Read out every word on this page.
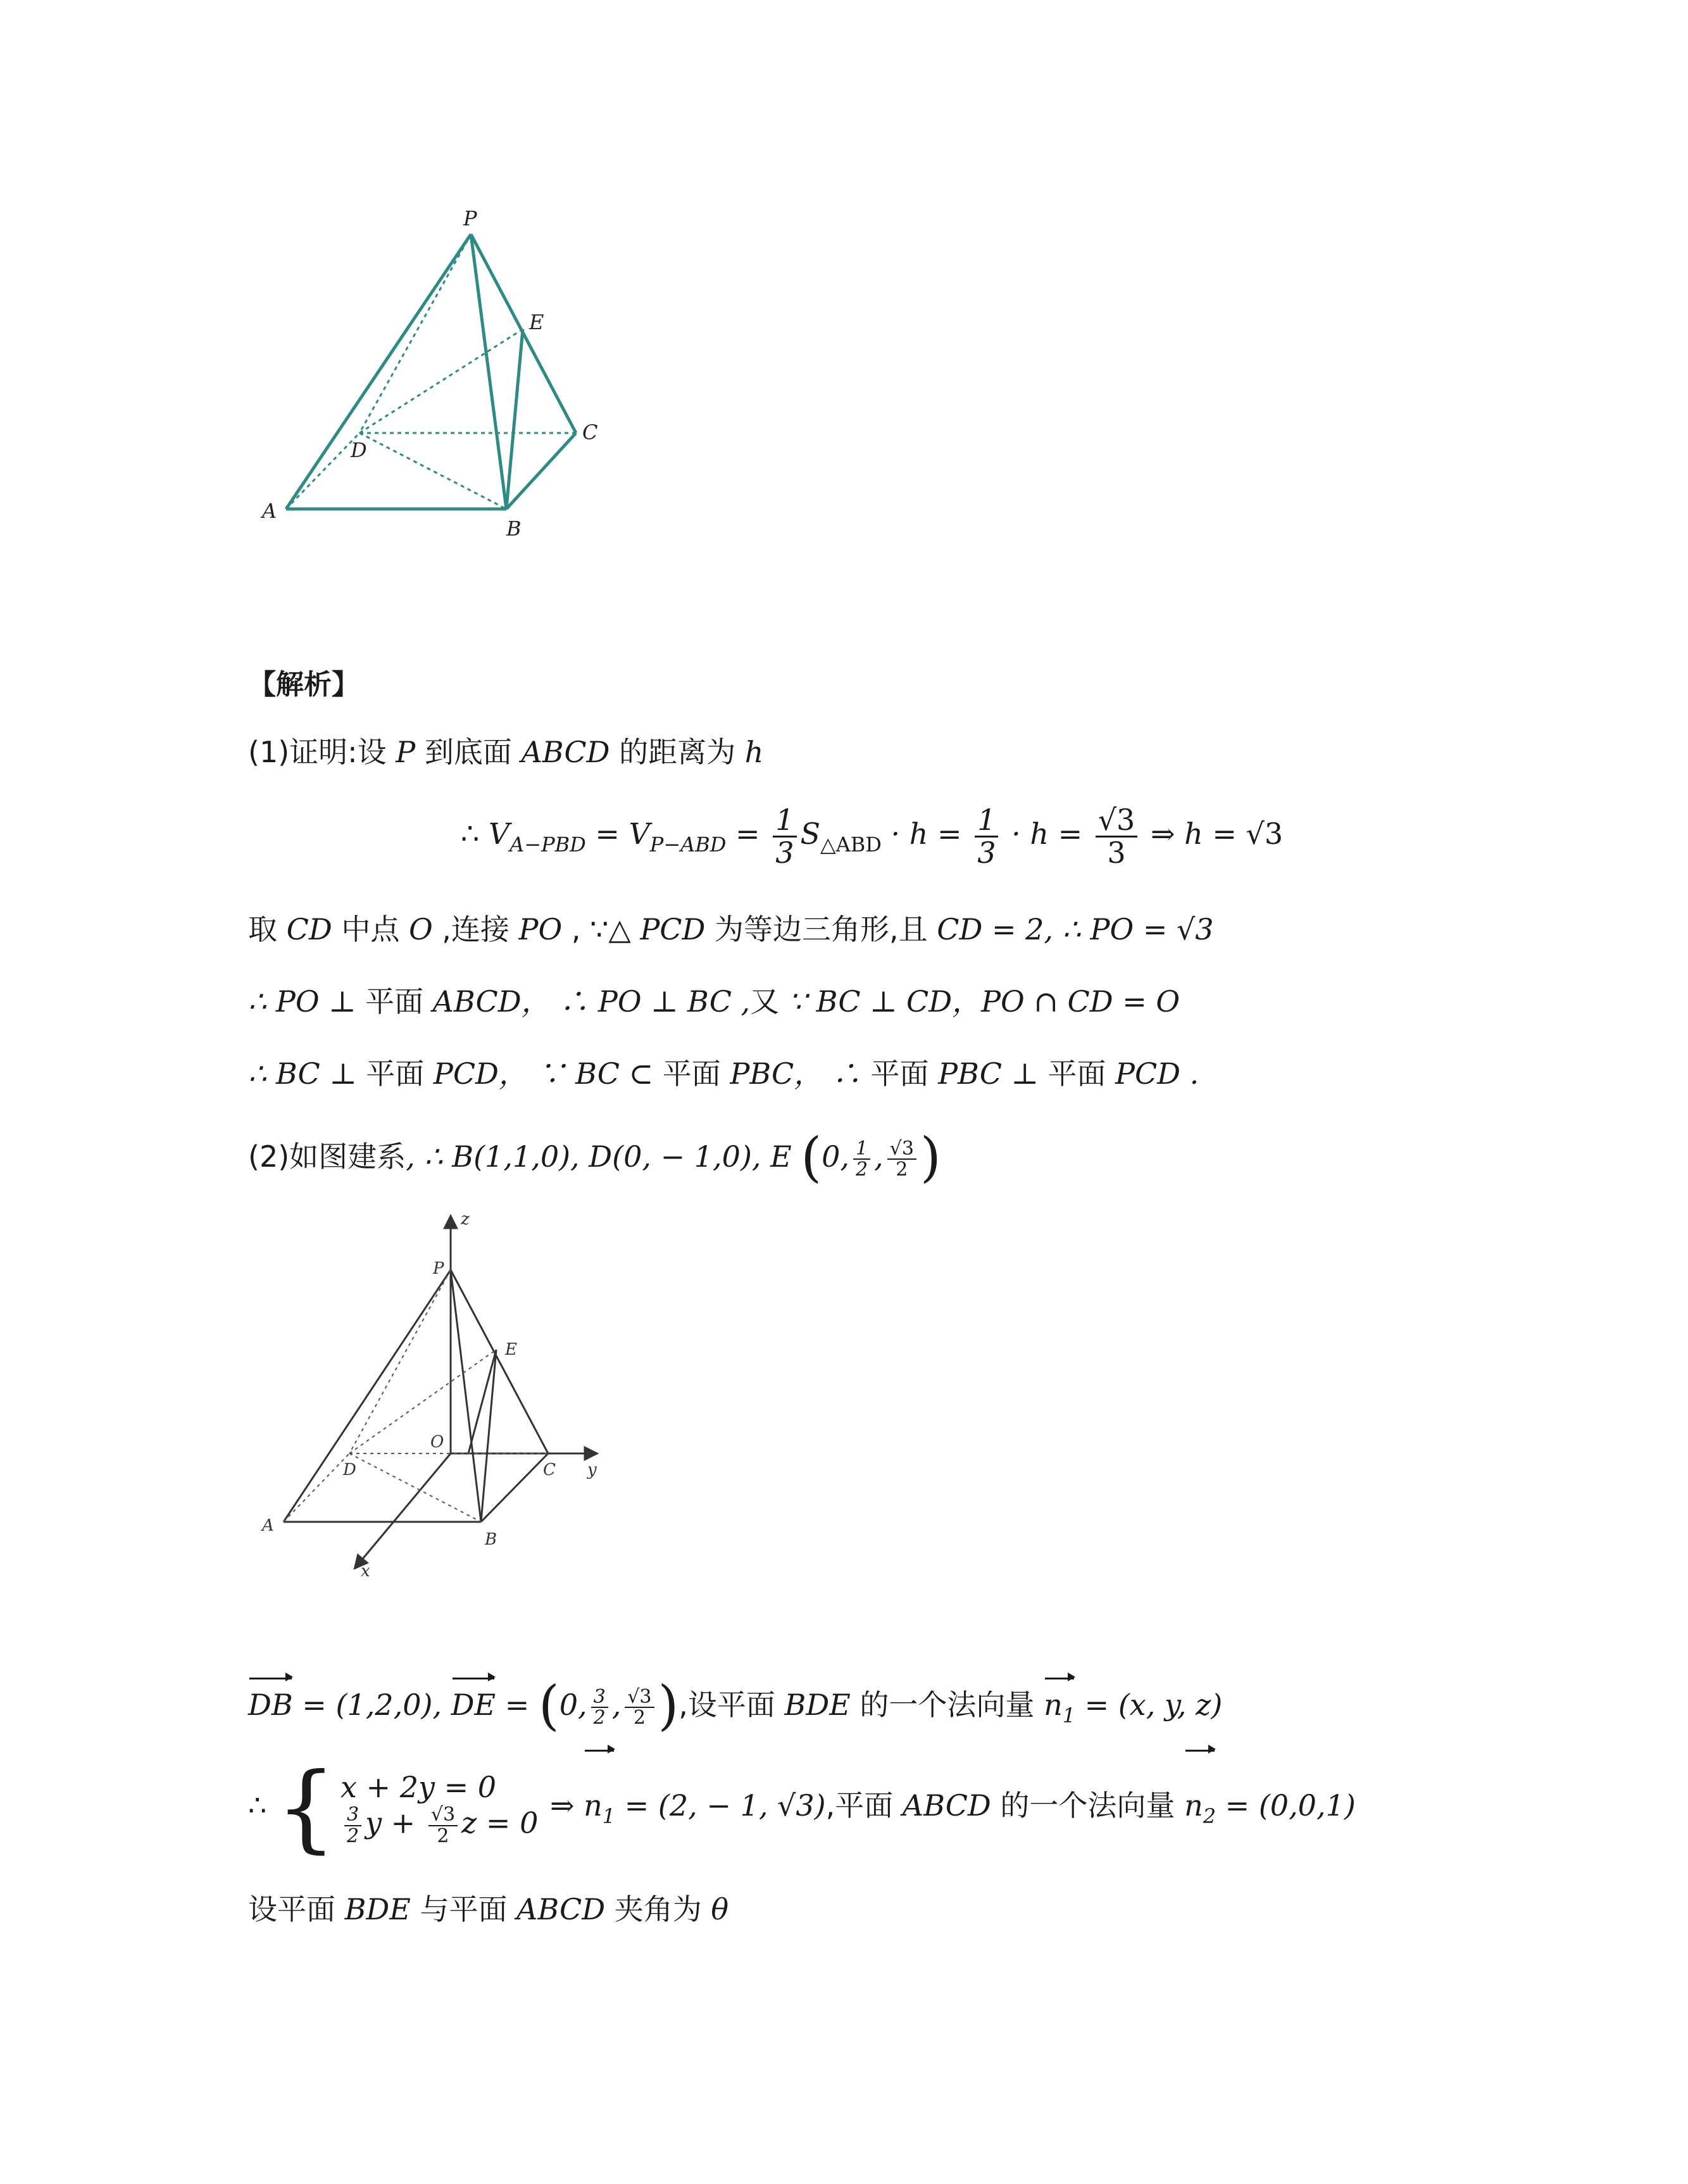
P
E
D
C
A
B
【解析】
(1)证明:设 P 到底面 ABCD 的距离为 h
∴ $V_{A-PBD} = V_{P-ABD} = \frac{1}{3} S_{\triangle ABD} \cdot h = \frac{1}{3} \cdot h = \frac{√3}{3}$ ⇒ h = √3
取 CD 中点 O ,连接 PO , ∵△ PCD 为等边三角形,且 CD = 2, ∴ PO = √3
∴ PO ⊥ 平面 ABCD， ∴ PO ⊥ BC ,又 ∵ BC ⊥ CD，PO ∩ CD = O
∴ BC ⊥ 平面 PCD， ∵ BC ⊂ 平面 PBC， ∴ 平面 PBC ⊥ 平面 PCD .
(2)如图建系, ∴ B(1,1,0), D(0, − 1,0), E (0, $\frac{1}{2}$ , $\frac{√3}{2}$ )
z
P
E
O
D	C y
A
B
x
DB = (1,2,0), DE = (0, $\frac{3}{2}$ , $\frac{√3}{2}$ ),设平面 BDE 的一个法向量 $n_1 = (x$, y, z)
∴ { x + 2y = 0
$\frac{3}{2}$ $y + \frac{√3}{2}$ z = 0
⇒ $n_1 = (2$, − 1, √3),平面 ABCD 的一个法向量 $n_2 = (0,0,1)$
设平面 BDE 与平面 ABCD 夹角为 θ
